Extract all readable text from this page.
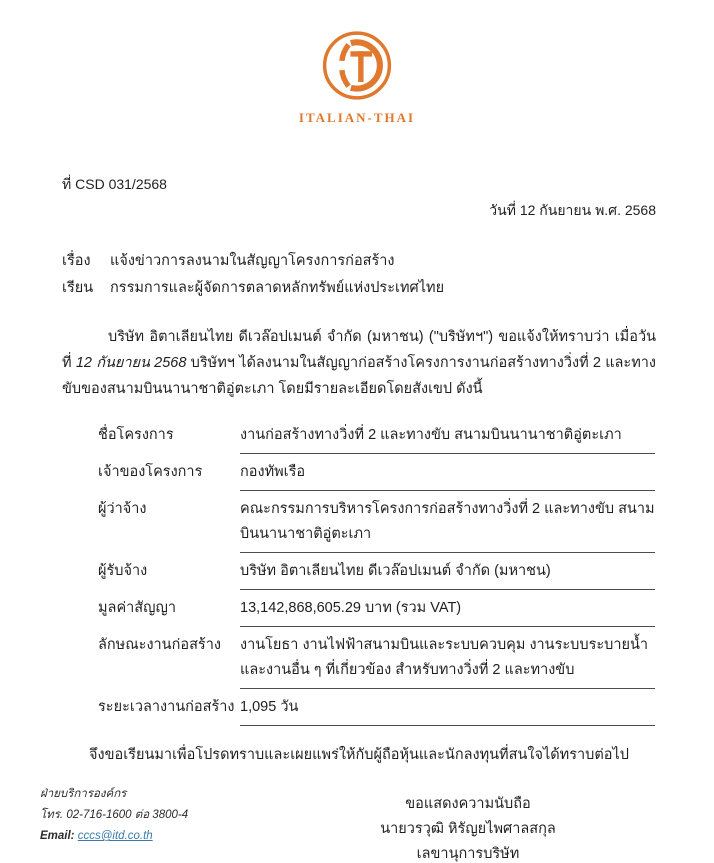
ITALIAN-THAI
ที่ CSD 031/2568
วันที่ 12 กันยายน พ.ศ. 2568
เรื่อง	แจ้งข่าวการลงนามในสัญญาโครงการก่อสร้าง
เรียน	กรรมการและผู้จัดการตลาดหลักทรัพย์แห่งประเทศไทย

บริษัท อิตาเลียนไทย ดีเวล๊อปเมนต์ จำกัด (มหาชน) ("บริษัทฯ") ขอแจ้งให้ทราบว่า เมื่อวันที่ 12 กันยายน 2568 บริษัทฯ ได้ลงนามในสัญญาก่อสร้างโครงการงานก่อสร้างทางวิ่งที่ 2 และทางขับของสนามบินนานาชาติอู่ตะเภา โดยมีรายละเอียดโดยสังเขป ดังนี้

ชื่อโครงการ	งานก่อสร้างทางวิ่งที่ 2 และทางขับ สนามบินนานาชาติอู่ตะเภา
เจ้าของโครงการ	กองทัพเรือ
ผู้ว่าจ้าง	คณะกรรมการบริหารโครงการก่อสร้างทางวิ่งที่ 2 และทางขับ สนามบินนานาชาติอู่ตะเภา
ผู้รับจ้าง	บริษัท อิตาเลียนไทย ดีเวล๊อปเมนต์ จำกัด (มหาชน)
มูลค่าสัญญา	13,142,868,605.29 บาท (รวม VAT)
ลักษณะงานก่อสร้าง	งานโยธา งานไฟฟ้าสนามบินและระบบควบคุม งานระบบระบายน้ำ และงานอื่น ๆ ที่เกี่ยวข้อง สำหรับทางวิ่งที่ 2 และทางขับ
ระยะเวลางานก่อสร้าง 1,095 วัน
จึงขอเรียนมาเพื่อโปรดทราบและเผยแพร่ให้กับผู้ถือหุ้นและนักลงทุนที่สนใจได้ทราบต่อไป
ขอแสดงความนับถือ
นายวรวุฒิ หิรัญยไพศาลสกุล
เลขานุการบริษัท
ฝ่ายบริการองค์กร
โทร. 02-716-1600 ต่อ 3800-4
Email: cccs@itd.co.th
